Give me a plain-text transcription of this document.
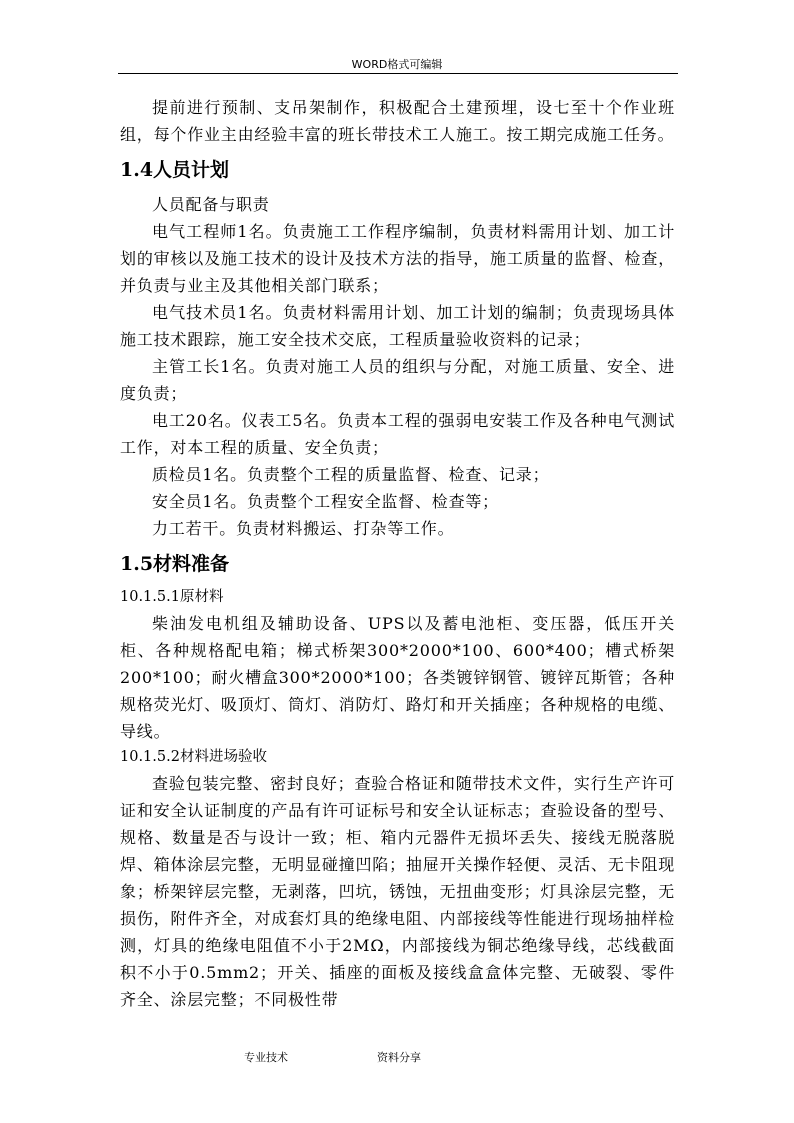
WORD格式可编辑

提前进行预制、支吊架制作，积极配合土建预埋，设七至十个作业班组，每个作业主由经验丰富的班长带技术工人施工。按工期完成施工任务。

1.4人员计划

人员配备与职责

电气工程师1名。负责施工工作程序编制，负责材料需用计划、加工计划的审核以及施工技术的设计及技术方法的指导，施工质量的监督、检查，并负责与业主及其他相关部门联系；

电气技术员1名。负责材料需用计划、加工计划的编制；负责现场具体施工技术跟踪，施工安全技术交底，工程质量验收资料的记录；

主管工长1名。负责对施工人员的组织与分配，对施工质量、安全、进度负责；

电工20名。仪表工5名。负责本工程的强弱电安装工作及各种电气测试工作，对本工程的质量、安全负责；

质检员1名。负责整个工程的质量监督、检查、记录；

安全员1名。负责整个工程安全监督、检查等；

力工若干。负责材料搬运、打杂等工作。

1.5材料准备

10.1.5.1原材料

柴油发电机组及辅助设备、UPS以及蓄电池柜、变压器，低压开关柜、各种规格配电箱；梯式桥架300*2000*100、600*400；槽式桥架200*100；耐火槽盒300*2000*100；各类镀锌钢管、镀锌瓦斯管；各种规格荧光灯、吸顶灯、筒灯、消防灯、路灯和开关插座；各种规格的电缆、导线。

10.1.5.2材料进场验收

查验包装完整、密封良好；查验合格证和随带技术文件，实行生产许可证和安全认证制度的产品有许可证标号和安全认证标志；查验设备的型号、规格、数量是否与设计一致；柜、箱内元器件无损坏丢失、接线无脱落脱焊、箱体涂层完整，无明显碰撞凹陷；抽屉开关操作轻便、灵活、无卡阻现象；桥架锌层完整，无剥落，凹坑，锈蚀，无扭曲变形；灯具涂层完整，无损伤，附件齐全，对成套灯具的绝缘电阻、内部接线等性能进行现场抽样检测，灯具的绝缘电阻值不小于2MΩ，内部接线为铜芯绝缘导线，芯线截面积不小于0.5mm2；开关、插座的面板及接线盒盒体完整、无破裂、零件齐全、涂层完整；不同极性带

专业技术	资料分享
